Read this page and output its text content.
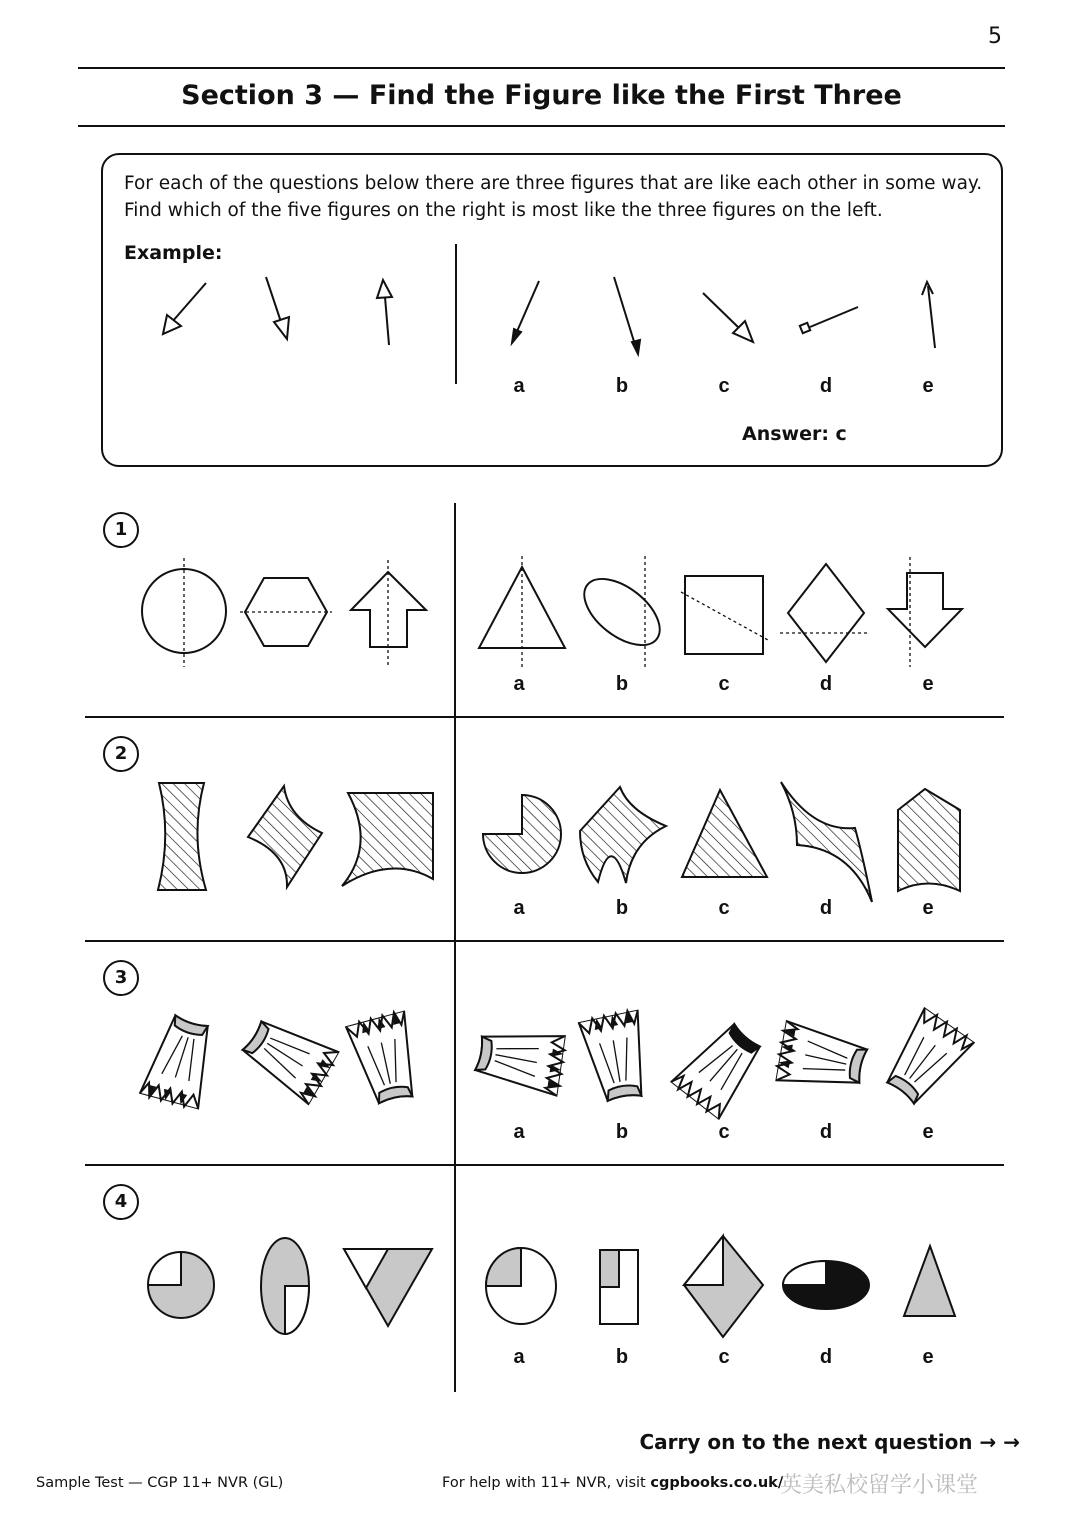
5
Section 3 — Find the Figure like the First Three
For each of the questions below there are three figures that are like each other in some way.
Find which of the five figures on the right is most like the three figures on the left.
Example:
Answer: c
a	b	c	d	e
1
2
3
4
a	b	c	d	e
a	b	c	d	e
a	b	c	d	e
a	b	c	d	e
Carry on to the next question → →
Sample Test — CGP 11+ NVR (GL)	For help with 11+ NVR, visit cgpbooks.co.uk/
英美私校留学小课堂
